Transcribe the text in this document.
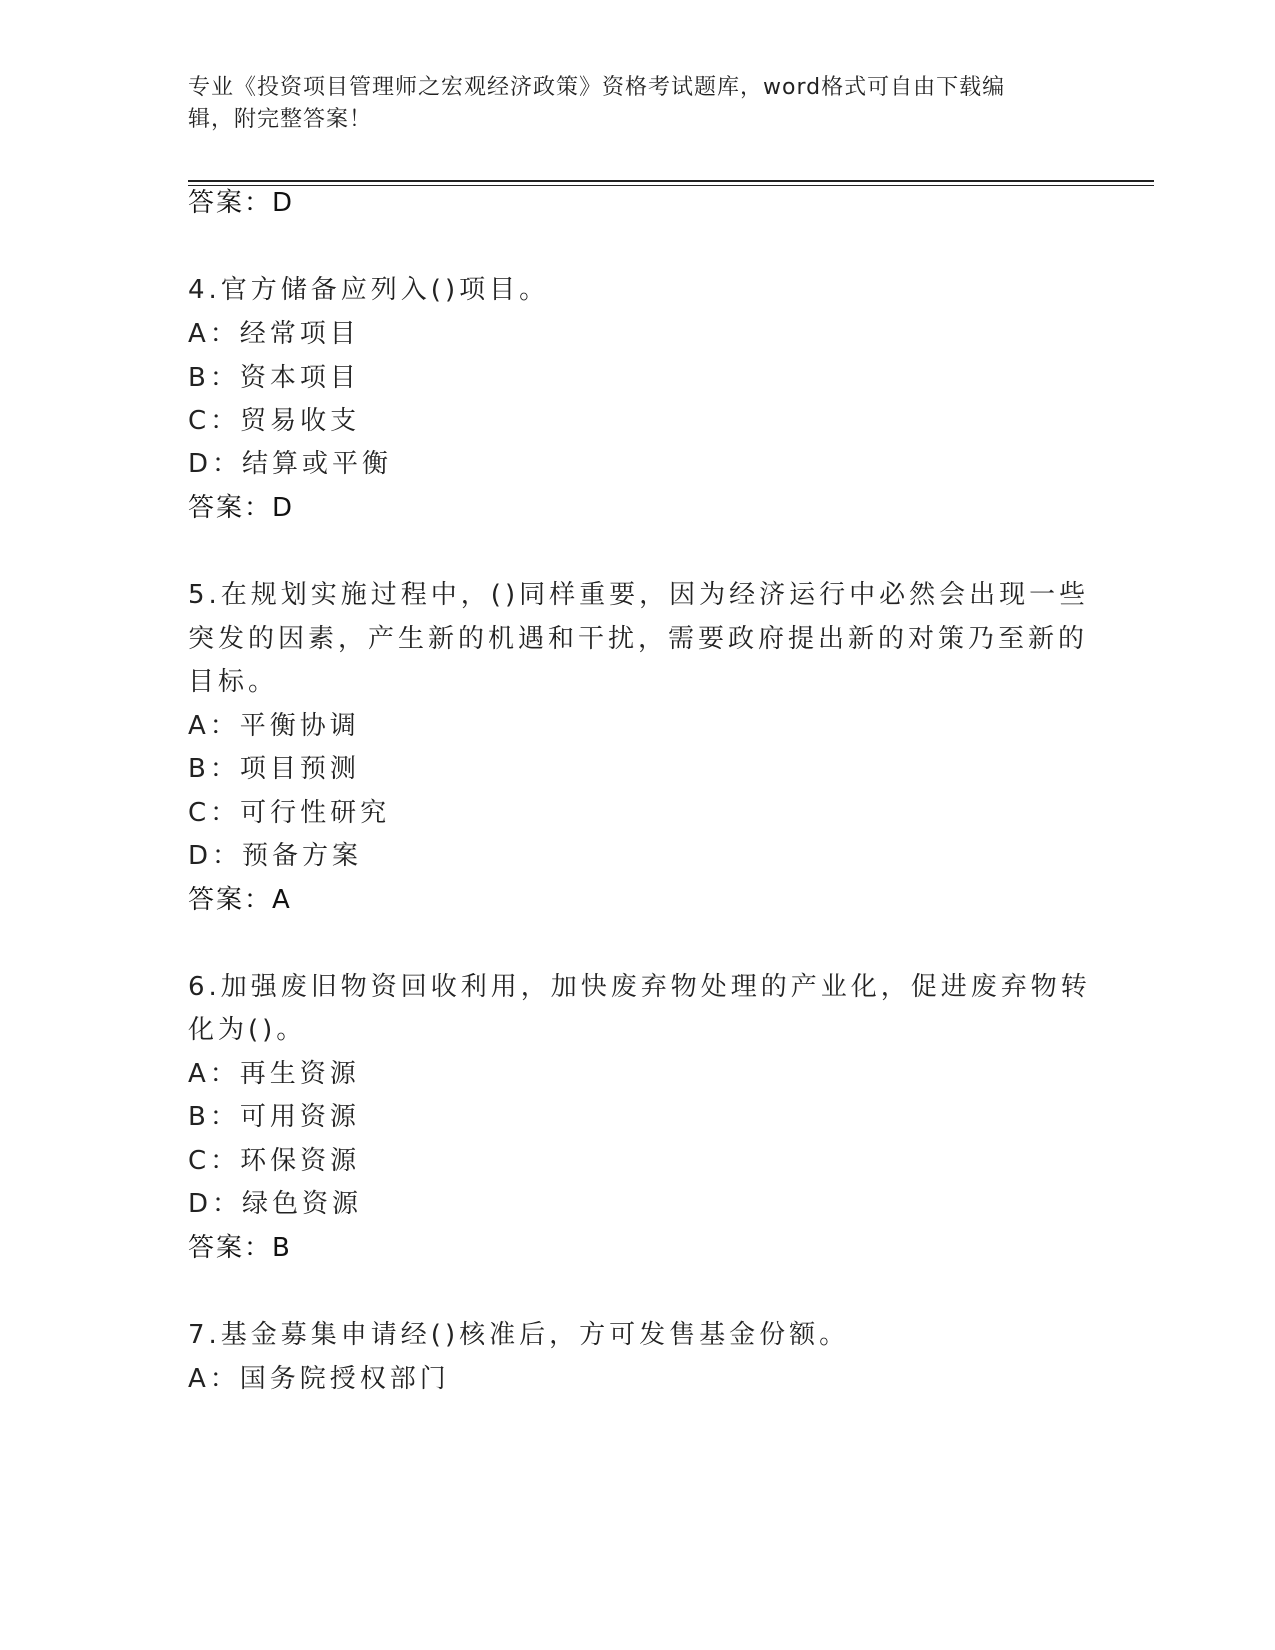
专业《投资项目管理师之宏观经济政策》资格考试题库，word格式可自由下载编
辑，附完整答案！
答案：D
4.官方储备应列入()项目。
A：经常项目
B：资本项目
C：贸易收支
D：结算或平衡
答案：D
5.在规划实施过程中，()同样重要，因为经济运行中必然会出现一些
突发的因素，产生新的机遇和干扰，需要政府提出新的对策乃至新的
目标。
A：平衡协调
B：项目预测
C：可行性研究
D：预备方案
答案：A
6.加强废旧物资回收利用，加快废弃物处理的产业化，促进废弃物转
化为()。
A：再生资源
B：可用资源
C：环保资源
D：绿色资源
答案：B
7.基金募集申请经()核准后，方可发售基金份额。
A：国务院授权部门
